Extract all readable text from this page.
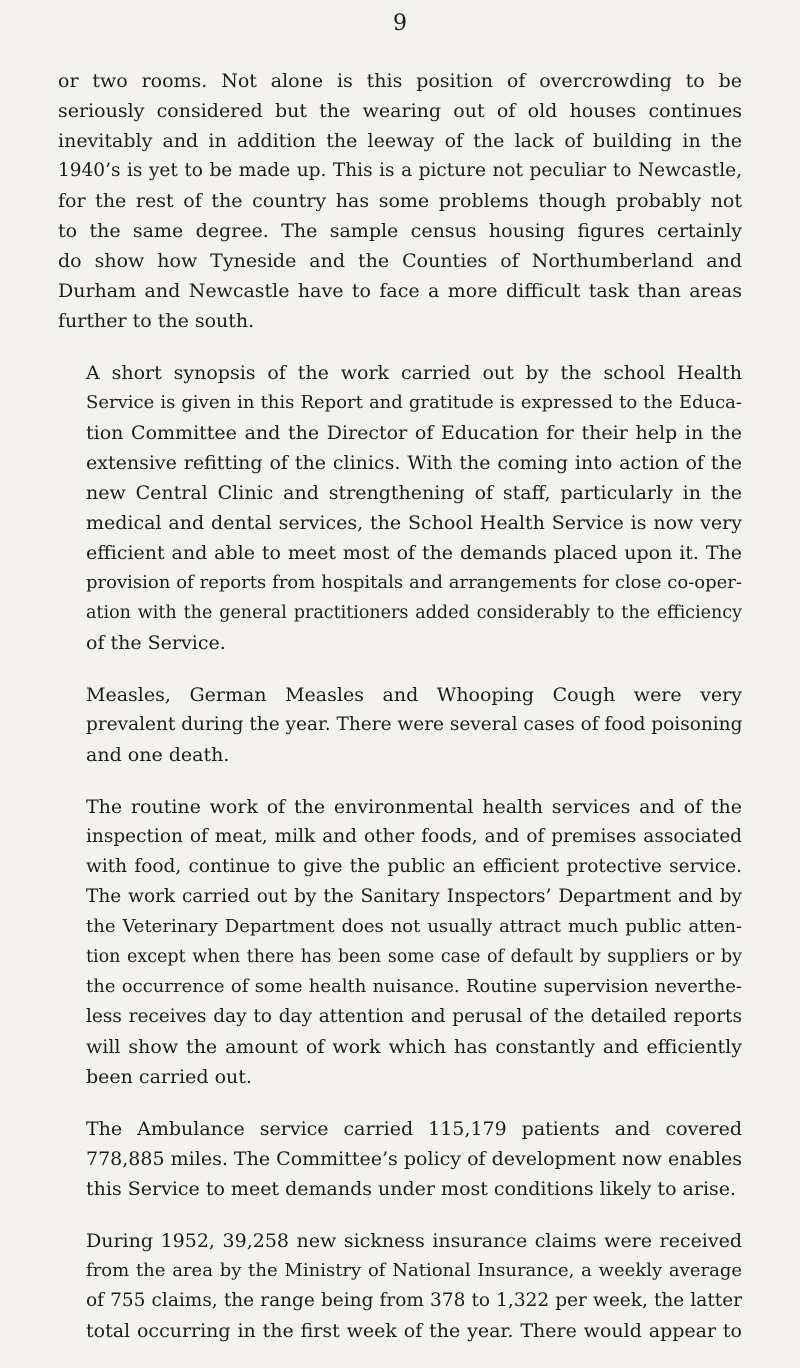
9

or two rooms. Not alone is this position of overcrowding to be
seriously considered but the wearing out of old houses continues
inevitably and in addition the leeway of the lack of building in the
1940’s is yet to be made up. This is a picture not peculiar to Newcastle,
for the rest of the country has some problems though probably not
to the same degree. The sample census housing figures certainly
do show how Tyneside and the Counties of Northumberland and
Durham and Newcastle have to face a more difficult task than areas
further to the south.

A short synopsis of the work carried out by the school Health
Service is given in this Report and gratitude is expressed to the Educa-
tion Committee and the Director of Education for their help in the
extensive refitting of the clinics. With the coming into action of the
new Central Clinic and strengthening of staff, particularly in the
medical and dental services, the School Health Service is now very
efficient and able to meet most of the demands placed upon it. The
provision of reports from hospitals and arrangements for close co-oper-
ation with the general practitioners added considerably to the efficiency
of the Service.

Measles, German Measles and Whooping Cough were very
prevalent during the year. There were several cases of food poisoning
and one death.

The routine work of the environmental health services and of the
inspection of meat, milk and other foods, and of premises associated
with food, continue to give the public an efficient protective service.
The work carried out by the Sanitary Inspectors’ Department and by
the Veterinary Department does not usually attract much public atten-
tion except when there has been some case of default by suppliers or by
the occurrence of some health nuisance. Routine supervision neverthe-
less receives day to day attention and perusal of the detailed reports
will show the amount of work which has constantly and efficiently
been carried out.

The Ambulance service carried 115,179 patients and covered
778,885 miles. The Committee’s policy of development now enables
this Service to meet demands under most conditions likely to arise.

During 1952, 39,258 new sickness insurance claims were received
from the area by the Ministry of National Insurance, a weekly average
of 755 claims, the range being from 378 to 1,322 per week, the latter
total occurring in the first week of the year. There would appear to
